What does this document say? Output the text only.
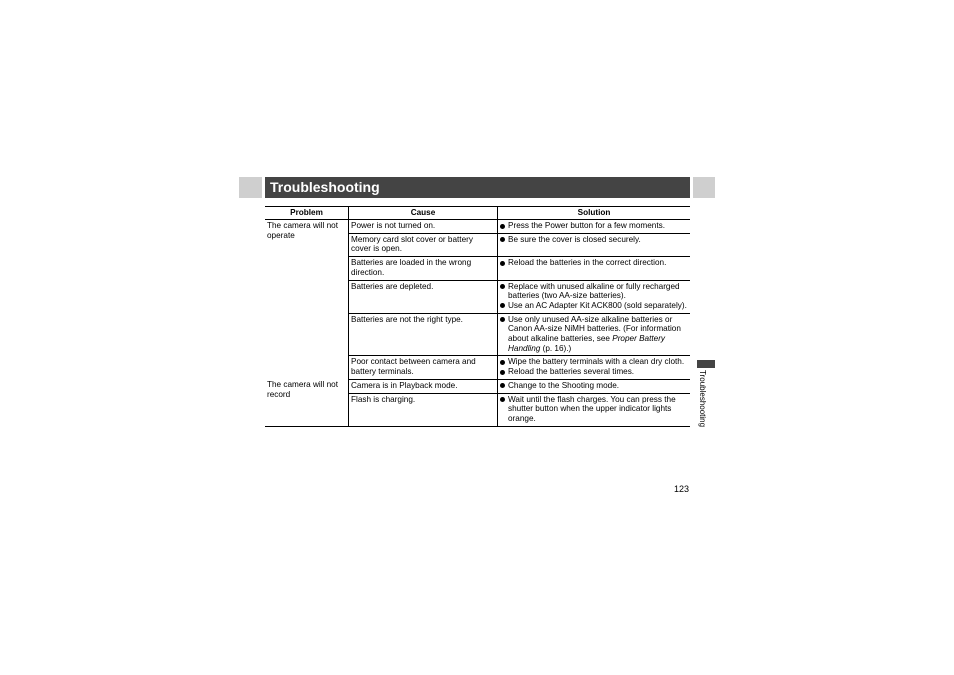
Troubleshooting
Problem	Cause	Solution
The camera will not operate	Power is not turned on.	Press the Power button for a few moments.

	Memory card slot cover or battery cover is open.	Be sure the cover is closed securely.

	Batteries are loaded in the wrong direction.	Reload the batteries in the correct direction.

	Batteries are depleted.	Replace with unused alkaline or fully recharged batteries (two AA-size batteries).
Use an AC Adapter Kit ACK800 (sold separately).

	Batteries are not the right type.	Use only unused AA-size alkaline batteries or Canon AA-size NiMH batteries. (For information about alkaline batteries, see Proper Battery Handling (p. 16).)

	Poor contact between camera and battery terminals.	Wipe the battery terminals with a clean dry cloth.
Reload the batteries several times.

The camera will not record	Camera is in Playback mode.	Change to the Shooting mode.

	Flash is charging.	Wait until the flash charges. You can press the shutter button when the upper indicator lights orange.	Troubleshooting
123
